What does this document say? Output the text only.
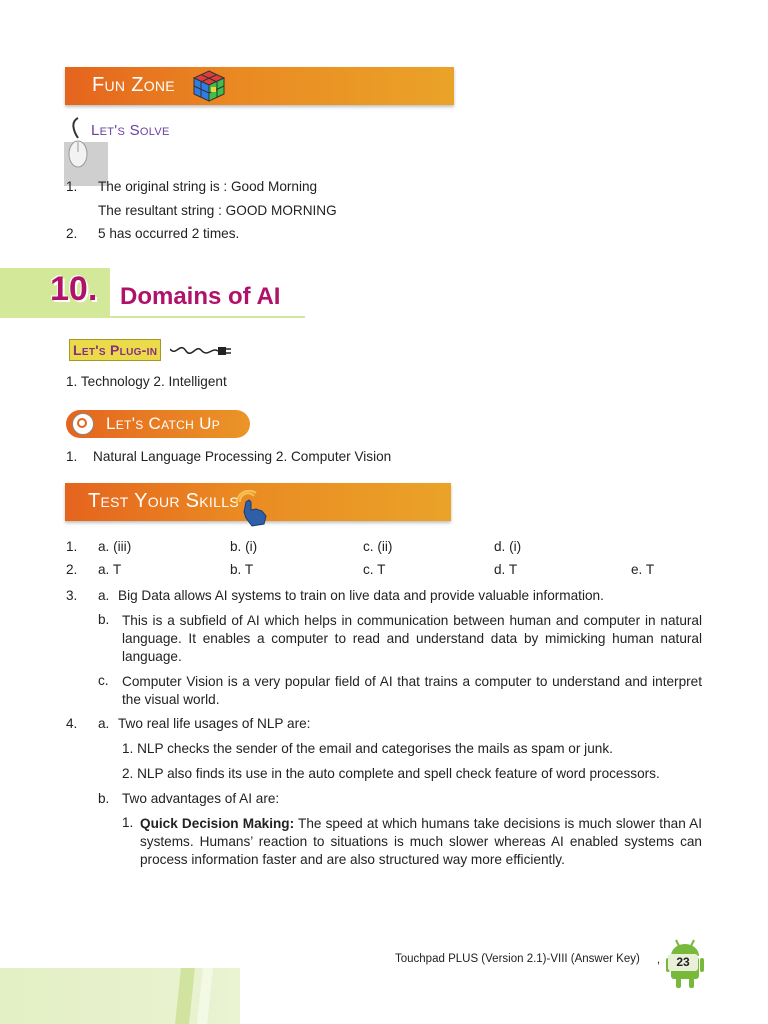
Fun Zone
Let's Solve
1. The original string is : Good Morning
The resultant string : GOOD MORNING
2. 5 has occurred 2 times.
10. Domains of AI
Let's Plug-in
1. Technology 2. Intelligent
Let's Catch Up
1. Natural Language Processing 2. Computer Vision
Test Your Skills
1. a. (iii)	b. (i)	c. (ii)	d. (i)
2. a. T	b. T	c. T	d. T	e. T
3. a. Big Data allows AI systems to train on live data and provide valuable information.
b. This is a subfield of AI which helps in communication between human and computer in natural language. It enables a computer to read and understand data by mimicking human natural language.
c. Computer Vision is a very popular field of AI that trains a computer to understand and interpret the visual world.
4. a. Two real life usages of NLP are:
1. NLP checks the sender of the email and categorises the mails as spam or junk.
2. NLP also finds its use in the auto complete and spell check feature of word processors.
b. Two advantages of AI are:
1. Quick Decision Making: The speed at which humans take decisions is much slower than AI systems. Humans’ reaction to situations is much slower whereas AI enabled systems can process information faster and are also structured way more efficiently.
Touchpad PLUS (Version 2.1)-VIII (Answer Key) ,	23
